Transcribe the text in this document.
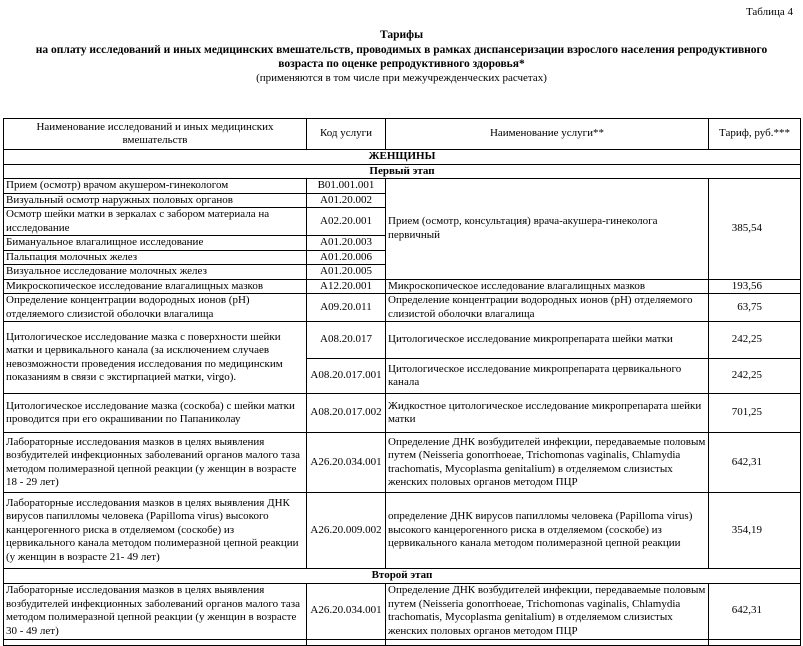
Таблица 4
Тарифы
на оплату исследований и иных медицинских вмешательств, проводимых в рамках диспансеризации взрослого населения репродуктивного возраста по оценке репродуктивного здоровья*
(применяются в том числе при межучрежденческих расчетах)
Наименование исследований и иных медицинских вмешательств	Код услуги	Наименование услуги**	Тариф, руб.***
ЖЕНЩИНЫ			
Первый этап			
Прием (осмотр) врачом акушером-гинекологом	B01.001.001	Прием (осмотр, консультация) врача-акушера-гинеколога первичный	385,54
Визуальный осмотр наружных половых органов	A01.20.002		
Осмотр шейки матки в зеркалах с забором материала на исследование	A02.20.001		
Бимануальное влагалищное исследование	A01.20.003		
Пальпация молочных желез	A01.20.006		
Визуальное исследование молочных желез	A01.20.005		
Микроскопическое исследование влагалищных мазков	A12.20.001	Микроскопическое исследование влагалищных мазков	193,56
Определение концентрации водородных ионов (pH) отделяемого слизистой оболочки влагалища	A09.20.011	Определение концентрации водородных ионов (pH) отделяемого слизистой оболочки влагалища	63,75
Цитологическое исследование мазка с поверхности шейки матки и цервикального канала (за исключением случаев невозможности проведения исследования по медицинским показаниям в связи с экстирпацией матки, virgo).	A08.20.017	Цитологическое исследование микропрепарата шейки матки	242,25
	A08.20.017.001	Цитологическое исследование микропрепарата цервикального канала	242,25
Цитологическое исследование мазка (соскоба) с шейки матки проводится при его окрашивании по Папаниколау	A08.20.017.002	Жидкостное цитологическое исследование микропрепарата шейки матки	701,25
Лабораторные исследования мазков в целях выявления возбудителей инфекционных заболеваний органов малого таза методом полимеразной цепной реакции (у женщин в возрасте 18 - 29 лет)	A26.20.034.001	Определение ДНК возбудителей инфекции, передаваемые половым путем (Neisseria gonorrhoeae, Trichomonas vaginalis, Chlamydia trachomatis, Mycoplasma genitalium) в отделяемом слизистых женских половых органов методом ПЦР	642,31
Лабораторные исследования мазков в целях выявления ДНК вирусов папилломы человека (Papilloma virus) высокого канцерогенного риска в отделяемом (соскобе) из цервикального канала методом полимеразной цепной реакции (у женщин в возрасте 21- 49 лет)	A26.20.009.002	определение ДНК вирусов папилломы человека (Papilloma virus) высокого канцерогенного риска в отделяемом (соскобе) из цервикального канала методом полимеразной цепной реакции	354,19
Второй этап			
Лабораторные исследования мазков в целях выявления возбудителей инфекционных заболеваний органов малого таза методом полимеразной цепной реакции (у женщин в возрасте 30 - 49 лет)	A26.20.034.001	Определение ДНК возбудителей инфекции, передаваемые половым путем (Neisseria gonorrhoeae, Trichomonas vaginalis, Chlamydia trachomatis, Mycoplasma genitalium) в отделяемом слизистых женских половых органов методом ПЦР	642,31
